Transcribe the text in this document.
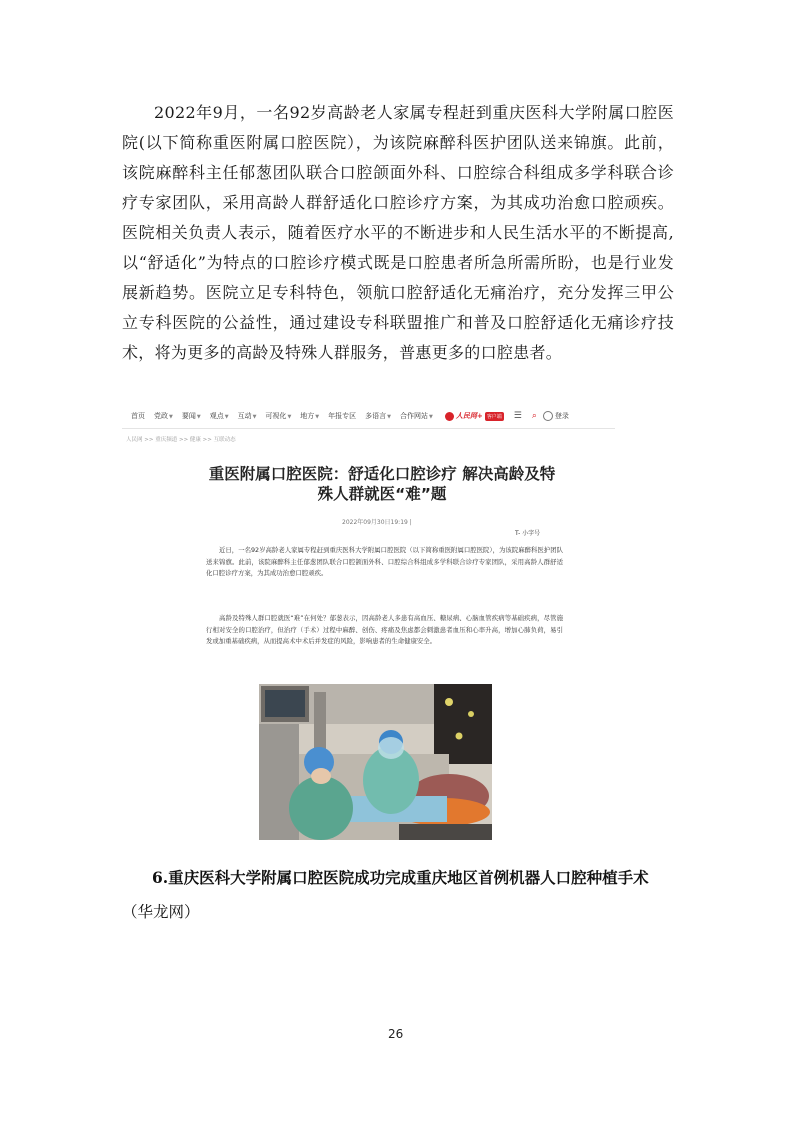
2022年9月，一名92岁高龄老人家属专程赶到重庆医科大学附属口腔医院(以下简称重医附属口腔医院），为该院麻醉科医护团队送来锦旗。此前，该院麻醉科主任郁葱团队联合口腔颌面外科、口腔综合科组成多学科联合诊疗专家团队，采用高龄人群舒适化口腔诊疗方案，为其成功治愈口腔顽疾。医院相关负责人表示，随着医疗水平的不断进步和人民生活水平的不断提高,以“舒适化”为特点的口腔诊疗模式既是口腔患者所急所需所盼，也是行业发展新趋势。医院立足专科特色，领航口腔舒适化无痛治疗，充分发挥三甲公立专科医院的公益性，通过建设专科联盟推广和普及口腔舒适化无痛诊疗技术，将为更多的高龄及特殊人群服务，普惠更多的口腔患者。

首页 党政▼ 要闻▼ 观点▼ 互动▼ 可视化▼ 地方▼ 年报专区 多语言▼ 合作网站▼	人民网+ 客户端 ☰ ⌕	登录
人民网 >> 重庆频道 >> 健康 >> 互联动态
重医附属口腔医院：舒适化口腔诊疗 解决高龄及特殊人群就医“难”题
2022年09月30日19:19 |
T- 小字号

近日，一名92岁高龄老人家属专程赶到重庆医科大学附属口腔医院（以下简称重医附属口腔医院），为该院麻醉科医护团队送来锦旗。此前，该院麻醉科主任郁葱团队联合口腔颌面外科、口腔综合科组成多学科联合诊疗专家团队，采用高龄人群舒适化口腔诊疗方案，为其成功治愈口腔顽疾。

高龄及特殊人群口腔就医“难”在何处？郁葱表示，因高龄老人多患有高血压、糖尿病、心脑血管疾病等基础疾病，尽管施行相对安全的口腔治疗，但治疗（手术）过程中麻醉、创伤、疼痛及焦虑都会刺激患者血压和心率升高，增加心肺负荷，易引发或加重基础疾病，从而提高术中术后并发症的风险，影响患者的生命健康安全。

6.重庆医科大学附属口腔医院成功完成重庆地区首例机器人口腔种植手术

（华龙网）
26
